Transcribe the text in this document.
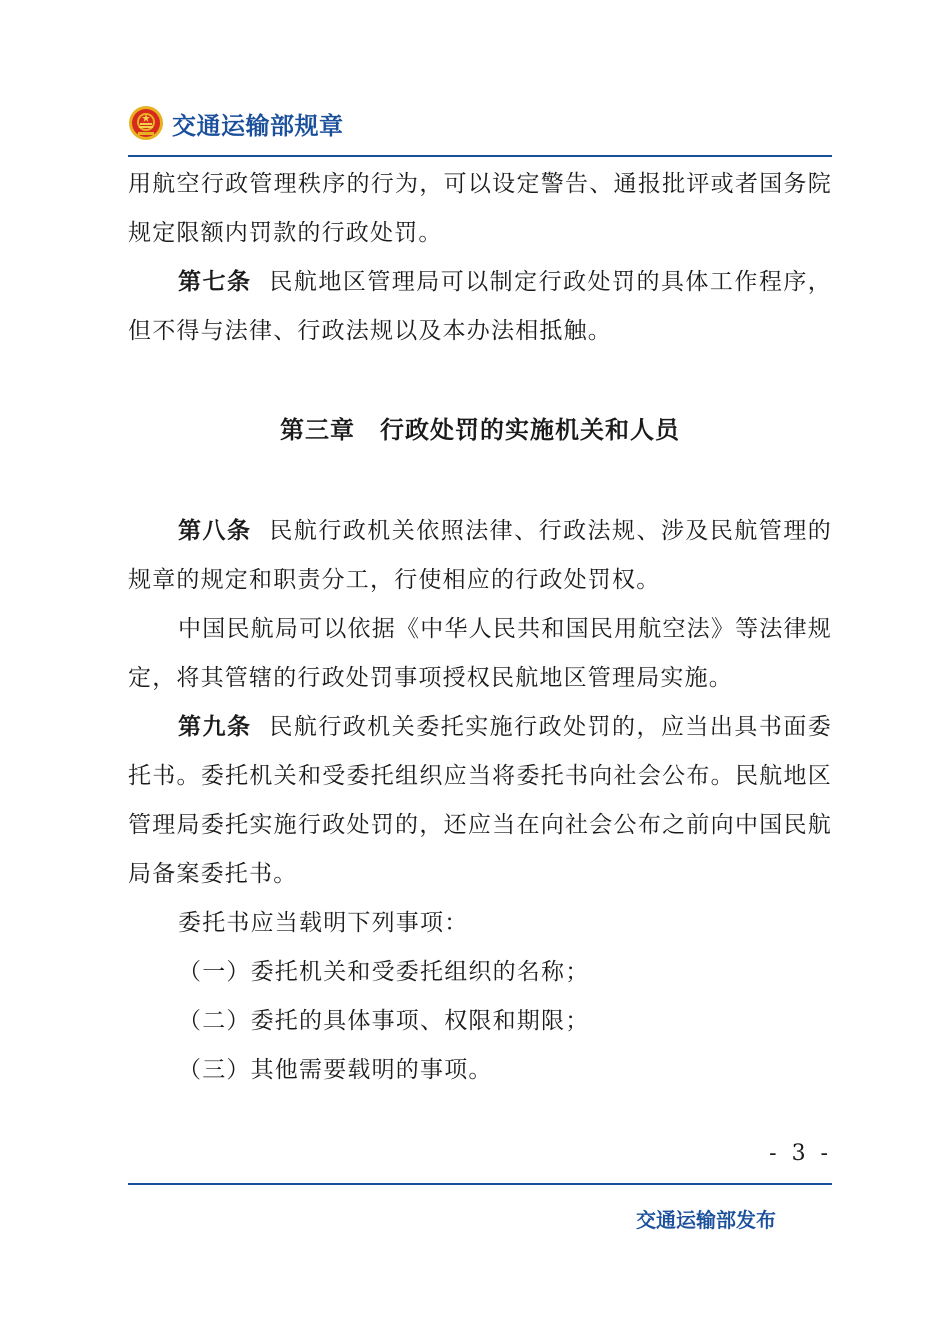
交通运输部规章

用航空行政管理秩序的行为，可以设定警告、通报批评或者国务院规定限额内罚款的行政处罚。

第七条 民航地区管理局可以制定行政处罚的具体工作程序，但不得与法律、行政法规以及本办法相抵触。

第三章　行政处罚的实施机关和人员

第八条 民航行政机关依照法律、行政法规、涉及民航管理的规章的规定和职责分工，行使相应的行政处罚权。

中国民航局可以依据《中华人民共和国民用航空法》等法律规定，将其管辖的行政处罚事项授权民航地区管理局实施。

第九条 民航行政机关委托实施行政处罚的，应当出具书面委托书。委托机关和受委托组织应当将委托书向社会公布。民航地区管理局委托实施行政处罚的，还应当在向社会公布之前向中国民航局备案委托书。

委托书应当载明下列事项：

（一）委托机关和受委托组织的名称；

（二）委托的具体事项、权限和期限；

（三）其他需要载明的事项。

- 3 -
交通运输部发布
